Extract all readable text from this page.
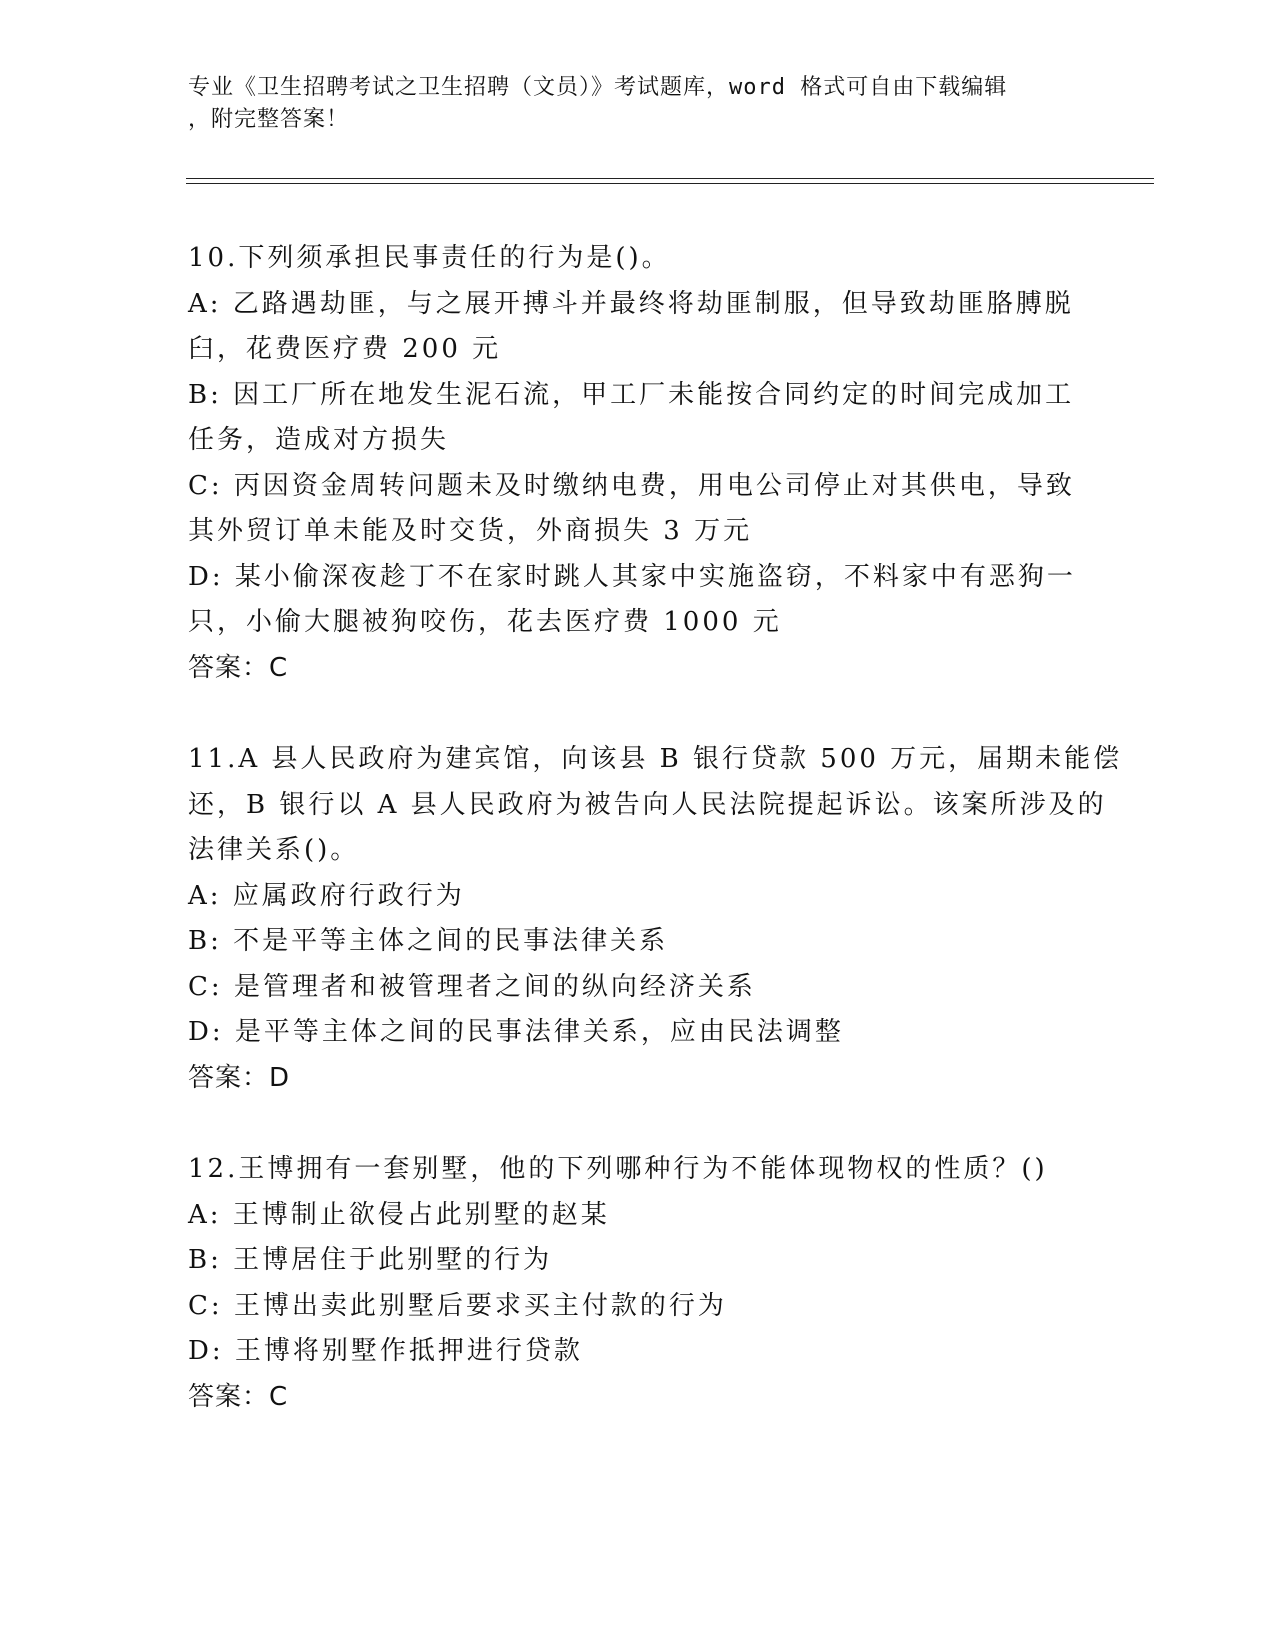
专业《卫生招聘考试之卫生招聘（文员）》考试题库，word 格式可自由下载编辑
，附完整答案！
10.下列须承担民事责任的行为是()。
A: 乙路遇劫匪，与之展开搏斗并最终将劫匪制服，但导致劫匪胳膊脱
臼，花费医疗费 200 元
B: 因工厂所在地发生泥石流，甲工厂未能按合同约定的时间完成加工
任务，造成对方损失
C: 丙因资金周转问题未及时缴纳电费，用电公司停止对其供电，导致
其外贸订单未能及时交货，外商损失 3 万元
D: 某小偷深夜趁丁不在家时跳人其家中实施盗窃，不料家中有恶狗一
只，小偷大腿被狗咬伤，花去医疗费 1000 元
答案：C
11.A 县人民政府为建宾馆，向该县 B 银行贷款 500 万元，届期未能偿
还，B 银行以 A 县人民政府为被告向人民法院提起诉讼。该案所涉及的
法律关系()。
A: 应属政府行政行为
B: 不是平等主体之间的民事法律关系
C: 是管理者和被管理者之间的纵向经济关系
D: 是平等主体之间的民事法律关系，应由民法调整
答案：D
12.王博拥有一套别墅，他的下列哪种行为不能体现物权的性质？()
A: 王博制止欲侵占此别墅的赵某
B: 王博居住于此别墅的行为
C: 王博出卖此别墅后要求买主付款的行为
D: 王博将别墅作抵押进行贷款
答案：C
